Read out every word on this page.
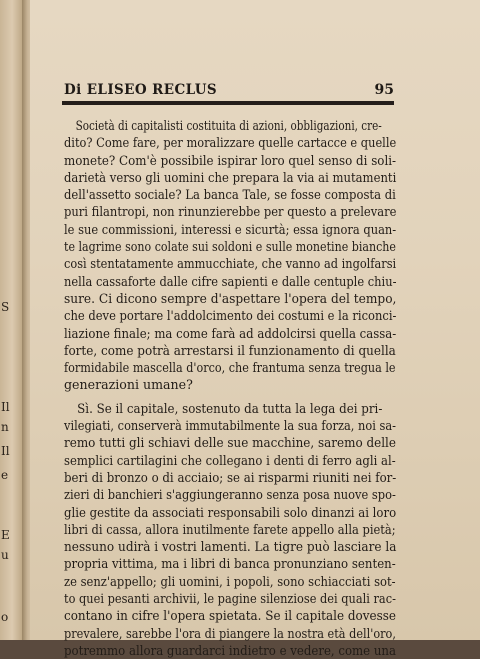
S
Il
n
Il
e
E
u
o
Di ELISEO RECLUS	95
Società di capitalisti costituita di azioni, obbligazioni, cre-
dito? Come fare, per moralizzare quelle cartacce e quelle
monete? Com'è possibile ispirar loro quel senso di soli-
darietà verso gli uomini che prepara la via ai mutamenti
dell'assetto sociale? La banca Tale, se fosse composta di
puri filantropi, non rinunzierebbe per questo a prelevare
le sue commissioni, interessi e sicurtà; essa ignora quan-
te lagrime sono colate sui soldoni e sulle monetine bianche
così stentatamente ammucchiate, che vanno ad ingolfarsi
nella cassaforte dalle cifre sapienti e dalle centuple chiu-
sure. Ci dicono sempre d'aspettare l'opera del tempo,
che deve portare l'addolcimento dei costumi e la riconci-
liazione finale; ma come farà ad addolcirsi quella cassa-
forte, come potrà arrestarsi il funzionamento di quella
formidabile mascella d'orco, che frantuma senza tregua le
generazioni umane?
Sì. Se il capitale, sostenuto da tutta la lega dei pri-
vilegiati, conserverà immutabilmente la sua forza, noi sa-
remo tutti gli schiavi delle sue macchine, saremo delle
semplici cartilagini che collegano i denti di ferro agli al-
beri di bronzo o di acciaio; se ai risparmi riuniti nei for-
zieri di banchieri s'aggiungeranno senza posa nuove spo-
glie gestite da associati responsabili solo dinanzi ai loro
libri di cassa, allora inutilmente farete appello alla pietà;
nessuno udirà i vostri lamenti. La tigre può lasciare la
propria vittima, ma i libri di banca pronunziano senten-
ze senz'appello; gli uomini, i popoli, sono schiacciati sot-
to quei pesanti archivii, le pagine silenziose dei quali rac-
contano in cifre l'opera spietata. Se il capitale dovesse
prevalere, sarebbe l'ora di piangere la nostra età dell'oro,
potremmo allora guardarci indietro e vedere, come una
